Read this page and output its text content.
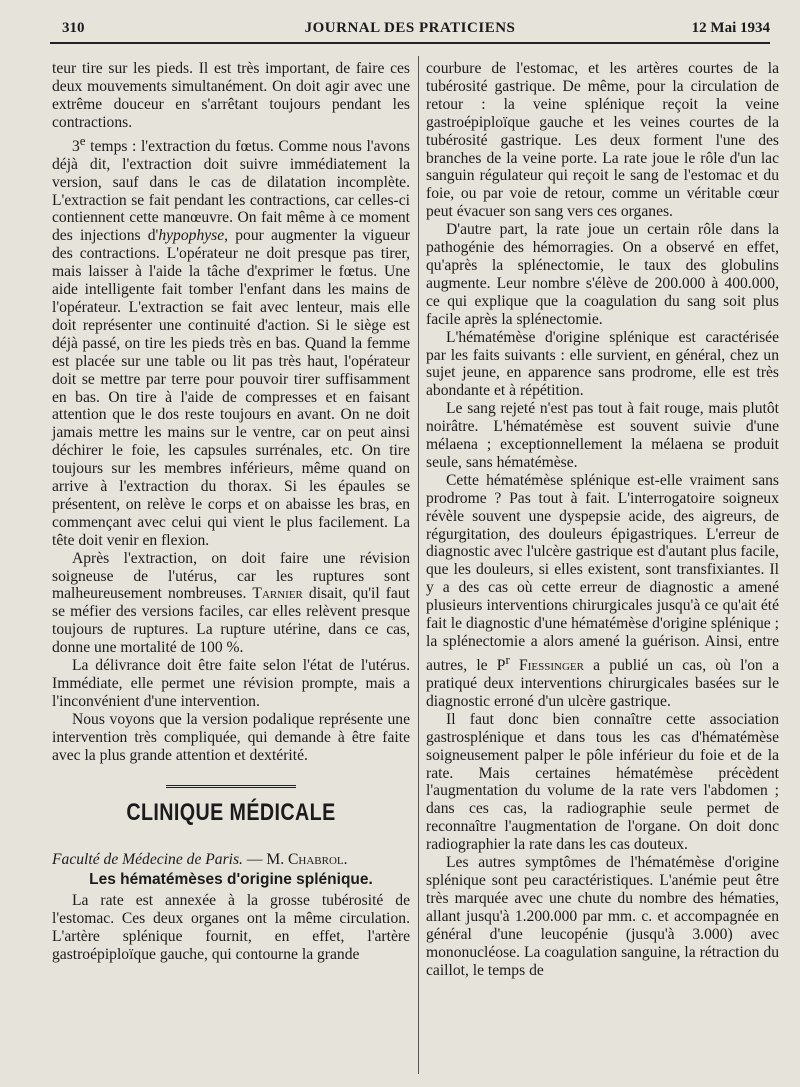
310	JOURNAL DES PRATICIENS	12 Mai 1934

teur tire sur les pieds. Il est très important, de faire ces deux mouvements simultanément. On doit agir avec une extrême douceur en s'arrêtant toujours pendant les contractions.

3e temps : l'extraction du fœtus. Comme nous l'avons déjà dit, l'extraction doit suivre immédiatement la version, sauf dans le cas de dilatation incomplète. L'extraction se fait pendant les contractions, car celles-ci contiennent cette manœuvre. On fait même à ce moment des injections d'hypophyse, pour augmenter la vigueur des contractions. L'opérateur ne doit presque pas tirer, mais laisser à l'aide la tâche d'exprimer le fœtus. Une aide intelligente fait tomber l'enfant dans les mains de l'opérateur. L'extraction se fait avec lenteur, mais elle doit représenter une continuité d'action. Si le siège est déjà passé, on tire les pieds très en bas. Quand la femme est placée sur une table ou lit pas très haut, l'opérateur doit se mettre par terre pour pouvoir tirer suffisamment en bas. On tire à l'aide de compresses et en faisant attention que le dos reste toujours en avant. On ne doit jamais mettre les mains sur le ventre, car on peut ainsi déchirer le foie, les capsules surrénales, etc. On tire toujours sur les membres inférieurs, même quand on arrive à l'extraction du thorax. Si les épaules se présentent, on relève le corps et on abaisse les bras, en commençant avec celui qui vient le plus facilement. La tête doit venir en flexion.

Après l'extraction, on doit faire une révision soigneuse de l'utérus, car les ruptures sont malheureusement nombreuses. Tarnier disait, qu'il faut se méfier des versions faciles, car elles relèvent presque toujours de ruptures. La rupture utérine, dans ce cas, donne une mortalité de 100 %.

La délivrance doit être faite selon l'état de l'utérus. Immédiate, elle permet une révision prompte, mais a l'inconvénient d'une intervention.

Nous voyons que la version podalique représente une intervention très compliquée, qui demande à être faite avec la plus grande attention et dextérité.

CLINIQUE MÉDICALE

Faculté de Médecine de Paris. — M. Chabrol.

Les hématémèses d'origine splénique.

La rate est annexée à la grosse tubérosité de l'estomac. Ces deux organes ont la même circulation. L'artère splénique fournit, en effet, l'artère gastroépiploïque gauche, qui contourne la grande

courbure de l'estomac, et les artères courtes de la tubérosité gastrique. De même, pour la circulation de retour : la veine splénique reçoit la veine gastroépiploïque gauche et les veines courtes de la tubérosité gastrique. Les deux forment l'une des branches de la veine porte. La rate joue le rôle d'un lac sanguin régulateur qui reçoit le sang de l'estomac et du foie, ou par voie de retour, comme un véritable cœur peut évacuer son sang vers ces organes.

D'autre part, la rate joue un certain rôle dans la pathogénie des hémorragies. On a observé en effet, qu'après la splénectomie, le taux des globulins augmente. Leur nombre s'élève de 200.000 à 400.000, ce qui explique que la coagulation du sang soit plus facile après la splénectomie.

L'hématémèse d'origine splénique est caractérisée par les faits suivants : elle survient, en général, chez un sujet jeune, en apparence sans prodrome, elle est très abondante et à répétition.

Le sang rejeté n'est pas tout à fait rouge, mais plutôt noirâtre. L'hématémèse est souvent suivie d'une mélaena ; exceptionnellement la mélaena se produit seule, sans hématémèse.

Cette hématémèse splénique est-elle vraiment sans prodrome ? Pas tout à fait. L'interrogatoire soigneux révèle souvent une dyspepsie acide, des aigreurs, de régurgitation, des douleurs épigastriques. L'erreur de diagnostic avec l'ulcère gastrique est d'autant plus facile, que les douleurs, si elles existent, sont transfixiantes. Il y a des cas où cette erreur de diagnostic a amené plusieurs interventions chirurgicales jusqu'à ce qu'ait été fait le diagnostic d'une hématémèse d'origine splénique ; la splénectomie a alors amené la guérison. Ainsi, entre autres, le $P^r$ Fiessinger a publié un cas, où l'on a pratiqué deux interventions chirurgicales basées sur le diagnostic erroné d'un ulcère gastrique.

Il faut donc bien connaître cette association gastrosplénique et dans tous les cas d'hématémèse soigneusement palper le pôle inférieur du foie et de la rate. Mais certaines hématémèse précèdent l'augmentation du volume de la rate vers l'abdomen ; dans ces cas, la radiographie seule permet de reconnaître l'augmentation de l'organe. On doit donc radiographier la rate dans les cas douteux.

Les autres symptômes de l'hématémèse d'origine splénique sont peu caractéristiques. L'anémie peut être très marquée avec une chute du nombre des hématies, allant jusqu'à 1.200.000 par mm. c. et accompagnée en général d'une leucopénie (jusqu'à 3.000) avec mononucléose. La coagulation sanguine, la rétraction du caillot, le temps de
